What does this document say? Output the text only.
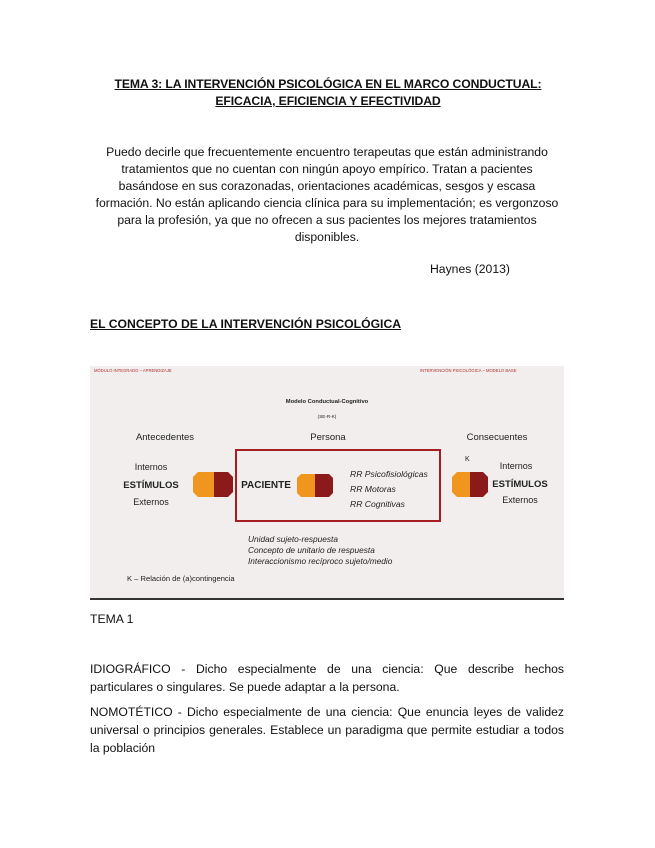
TEMA 3: LA INTERVENCIÓN PSICOLÓGICA EN EL MARCO CONDUCTUAL:
EFICACIA, EFICIENCIA Y EFECTIVIDAD
Puedo decirle que frecuentemente encuentro terapeutas que están administrando tratamientos que no cuentan con ningún apoyo empírico. Tratan a pacientes basándose en sus corazonadas, orientaciones académicas, sesgos y escasa formación. No están aplicando ciencia clínica para su implementación; es vergonzoso para la profesión, ya que no ofrecen a sus pacientes los mejores tratamientos disponibles.
Haynes (2013)
EL CONCEPTO DE LA INTERVENCIÓN PSICOLÓGICA
MÓDULO INTEGRADO – APRENDIZAJE	INTERVENCIÓN PSICOLÓGICA – MODELO BASE
Modelo Conductual-Cognitivo
(SE-R-K)
Antecedentes	Persona	Consecuentes
Internos
ESTÍMULOS
Externos
PACIENTE
RR Psicofisiológicas
RR Motoras
RR Cognitivas
K
Internos
ESTÍMULOS
Externos
Unidad sujeto-respuesta
Concepto de unitario de respuesta
Interaccionismo recíproco sujeto/medio
K – Relación de (a)contingencia
TEMA 1
IDIOGRÁFICO - Dicho especialmente de una ciencia: Que describe hechos particulares o singulares. Se puede adaptar a la persona.
NOMOTÉTICO - Dicho especialmente de una ciencia: Que enuncia leyes de validez universal o principios generales. Establece un paradigma que permite estudiar a todos la población
